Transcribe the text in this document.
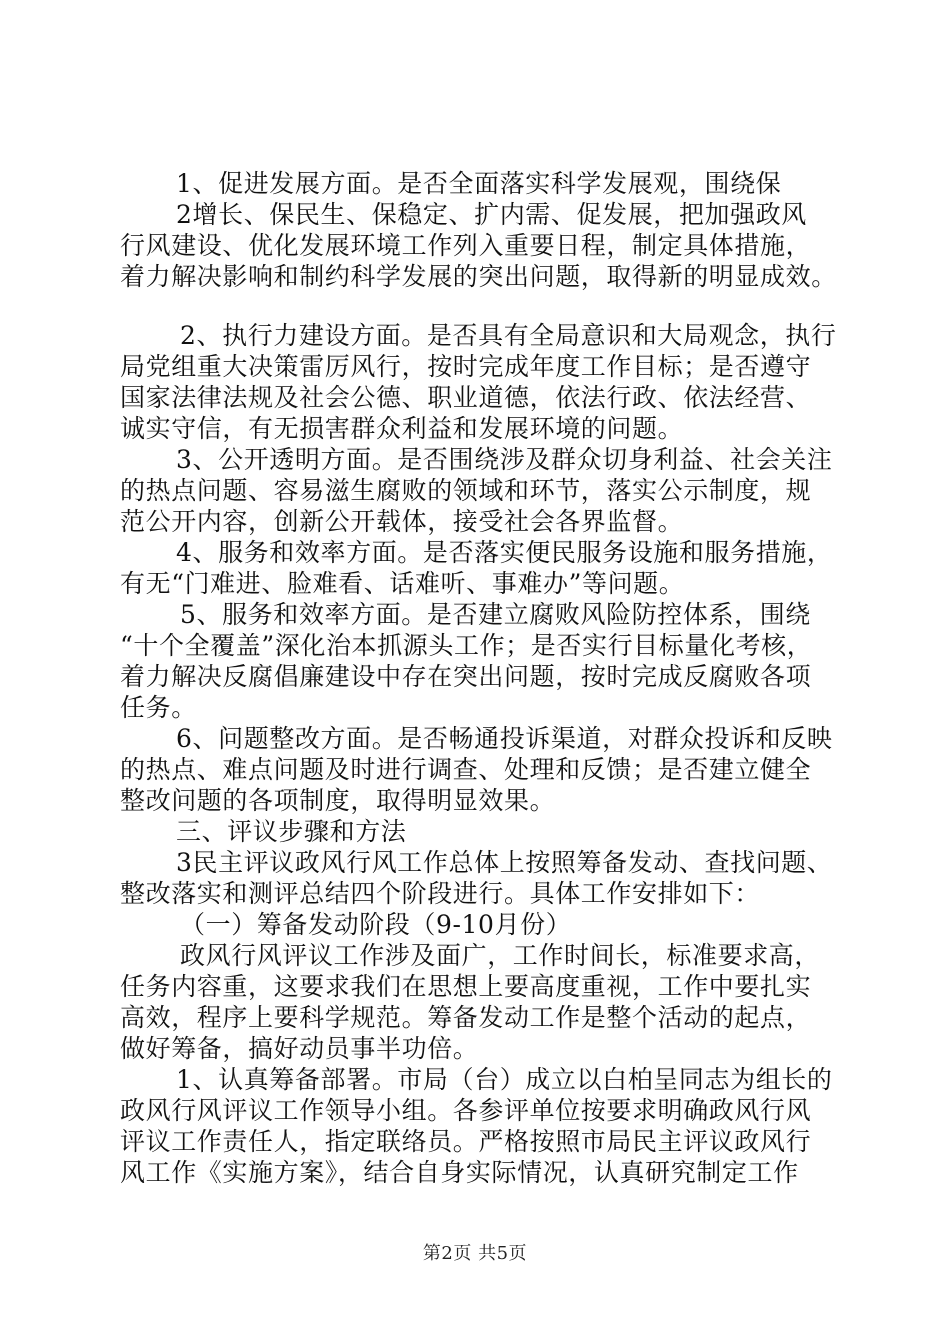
1、促进发展方面。是否全面落实科学发展观，围绕保
2增长、保民生、保稳定、扩内需、促发展，把加强政风
行风建设、优化发展环境工作列入重要日程，制定具体措施，
着力解决影响和制约科学发展的突出问题，取得新的明显成效。
2、执行力建设方面。是否具有全局意识和大局观念，执行
局党组重大决策雷厉风行，按时完成年度工作目标；是否遵守
国家法律法规及社会公德、职业道德，依法行政、依法经营、
诚实守信，有无损害群众利益和发展环境的问题。
3、公开透明方面。是否围绕涉及群众切身利益、社会关注
的热点问题、容易滋生腐败的领域和环节，落实公示制度，规
范公开内容，创新公开载体，接受社会各界监督。
4、服务和效率方面。是否落实便民服务设施和服务措施，
有无“门难进、脸难看、话难听、事难办”等问题。
5、服务和效率方面。是否建立腐败风险防控体系，围绕
“十个全覆盖”深化治本抓源头工作；是否实行目标量化考核，
着力解决反腐倡廉建设中存在突出问题，按时完成反腐败各项
任务。
6、问题整改方面。是否畅通投诉渠道，对群众投诉和反映
的热点、难点问题及时进行调查、处理和反馈；是否建立健全
整改问题的各项制度，取得明显效果。
三、评议步骤和方法
3民主评议政风行风工作总体上按照筹备发动、查找问题、
整改落实和测评总结四个阶段进行。具体工作安排如下：
（一）筹备发动阶段（9-10月份）
政风行风评议工作涉及面广，工作时间长，标准要求高，
任务内容重，这要求我们在思想上要高度重视，工作中要扎实
高效，程序上要科学规范。筹备发动工作是整个活动的起点，
做好筹备，搞好动员事半功倍。
1、认真筹备部署。市局（台）成立以白柏呈同志为组长的
政风行风评议工作领导小组。各参评单位按要求明确政风行风
评议工作责任人，指定联络员。严格按照市局民主评议政风行
风工作《实施方案》，结合自身实际情况，认真研究制定工作
第2页 共5页
